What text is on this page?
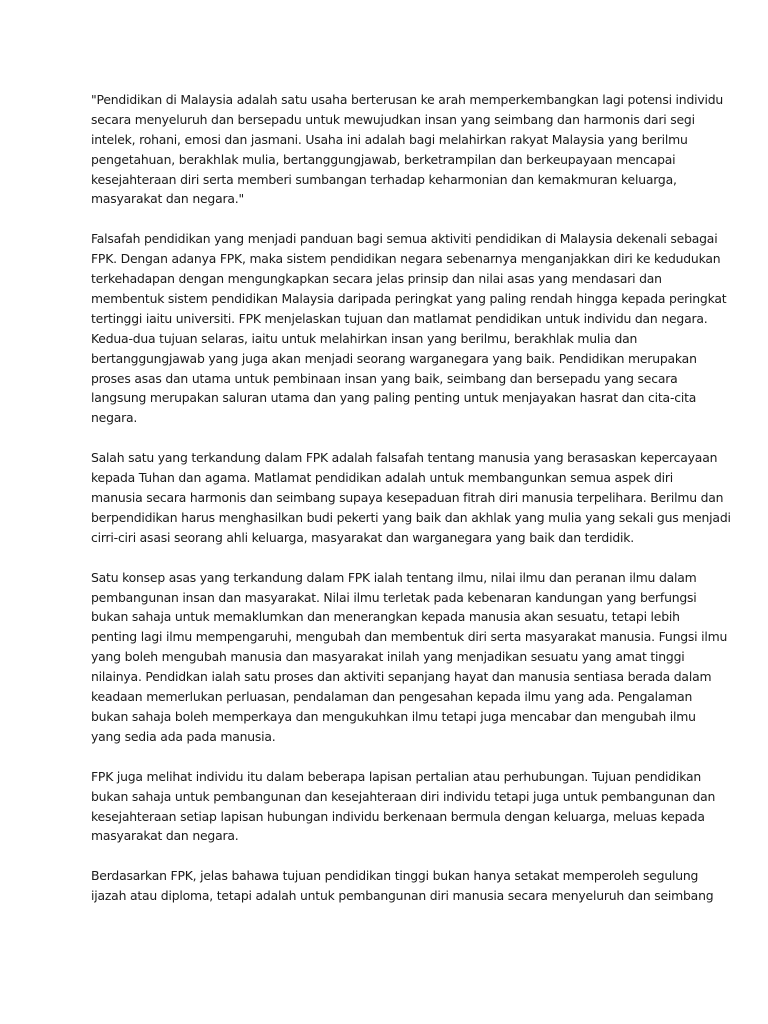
"Pendidikan di Malaysia adalah satu usaha berterusan ke arah memperkembangkan lagi potensi individu
secara menyeluruh dan bersepadu untuk mewujudkan insan yang seimbang dan harmonis dari segi
intelek, rohani, emosi dan jasmani. Usaha ini adalah bagi melahirkan rakyat Malaysia yang berilmu
pengetahuan, berakhlak mulia, bertanggungjawab, berketrampilan dan berkeupayaan mencapai
kesejahteraan diri serta memberi sumbangan terhadap keharmonian dan kemakmuran keluarga,
masyarakat dan negara."
Falsafah pendidikan yang menjadi panduan bagi semua aktiviti pendidikan di Malaysia dekenali sebagai
FPK. Dengan adanya FPK, maka sistem pendidikan negara sebenarnya menganjakkan diri ke kedudukan
terkehadapan dengan mengungkapkan secara jelas prinsip dan nilai asas yang mendasari dan
membentuk sistem pendidikan Malaysia daripada peringkat yang paling rendah hingga kepada peringkat
tertinggi iaitu universiti. FPK menjelaskan tujuan dan matlamat pendidikan untuk individu dan negara.
Kedua-dua tujuan selaras, iaitu untuk melahirkan insan yang berilmu, berakhlak mulia dan
bertanggungjawab yang juga akan menjadi seorang warganegara yang baik. Pendidikan merupakan
proses asas dan utama untuk pembinaan insan yang baik, seimbang dan bersepadu yang secara
langsung merupakan saluran utama dan yang paling penting untuk menjayakan hasrat dan cita-cita
negara.
Salah satu yang terkandung dalam FPK adalah falsafah tentang manusia yang berasaskan kepercayaan
kepada Tuhan dan agama. Matlamat pendidikan adalah untuk membangunkan semua aspek diri
manusia secara harmonis dan seimbang supaya kesepaduan fitrah diri manusia terpelihara. Berilmu dan
berpendidikan harus menghasilkan budi pekerti yang baik dan akhlak yang mulia yang sekali gus menjadi
cirri-ciri asasi seorang ahli keluarga, masyarakat dan warganegara yang baik dan terdidik.
Satu konsep asas yang terkandung dalam FPK ialah tentang ilmu, nilai ilmu dan peranan ilmu dalam
pembangunan insan dan masyarakat. Nilai ilmu terletak pada kebenaran kandungan yang berfungsi
bukan sahaja untuk memaklumkan dan menerangkan kepada manusia akan sesuatu, tetapi lebih
penting lagi ilmu mempengaruhi, mengubah dan membentuk diri serta masyarakat manusia. Fungsi ilmu
yang boleh mengubah manusia dan masyarakat inilah yang menjadikan sesuatu yang amat tinggi
nilainya. Pendidkan ialah satu proses dan aktiviti sepanjang hayat dan manusia sentiasa berada dalam
keadaan memerlukan perluasan, pendalaman dan pengesahan kepada ilmu yang ada. Pengalaman
bukan sahaja boleh memperkaya dan mengukuhkan ilmu tetapi juga mencabar dan mengubah ilmu
yang sedia ada pada manusia.
FPK juga melihat individu itu dalam beberapa lapisan pertalian atau perhubungan. Tujuan pendidikan
bukan sahaja untuk pembangunan dan kesejahteraan diri individu tetapi juga untuk pembangunan dan
kesejahteraan setiap lapisan hubungan individu berkenaan bermula dengan keluarga, meluas kepada
masyarakat dan negara.
Berdasarkan FPK, jelas bahawa tujuan pendidikan tinggi bukan hanya setakat memperoleh segulung
ijazah atau diploma, tetapi adalah untuk pembangunan diri manusia secara menyeluruh dan seimbang
